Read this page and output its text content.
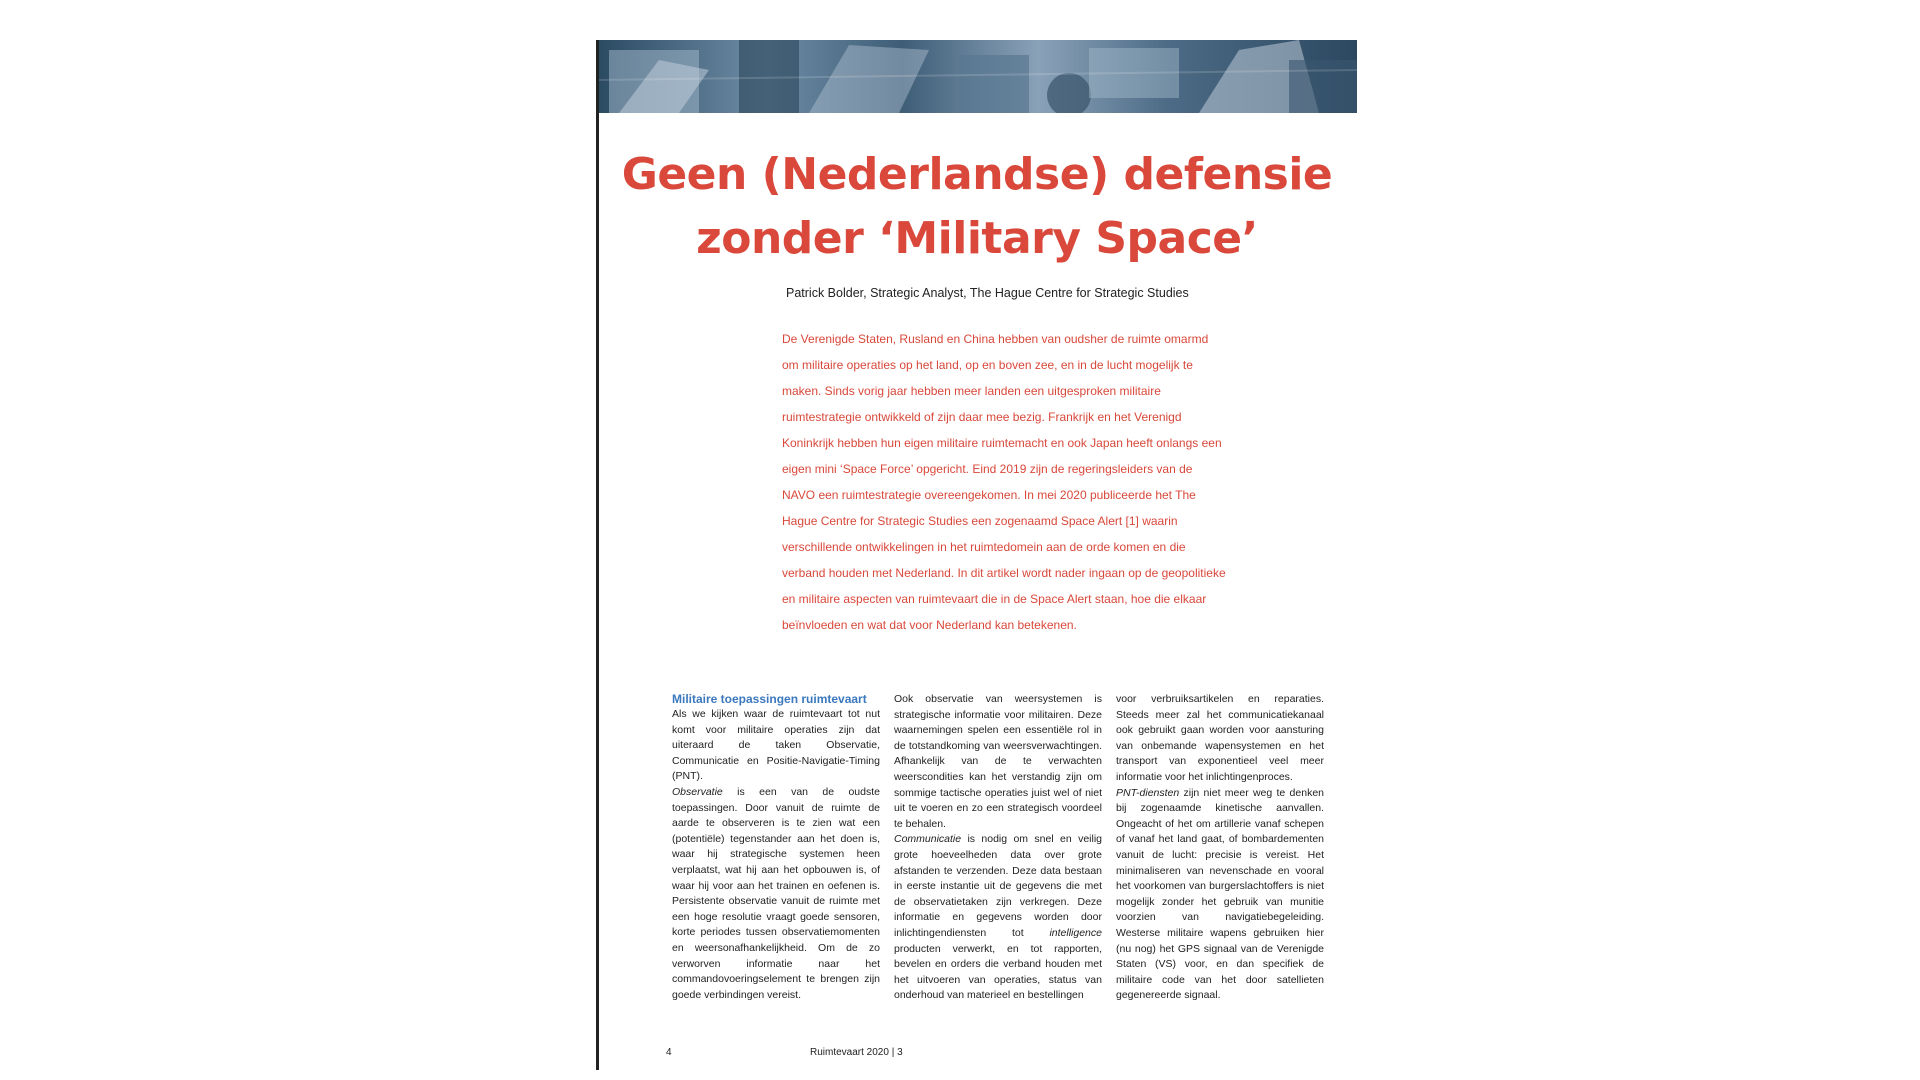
Geen (Nederlandse) defensie
zonder ‘Military Space’
Patrick Bolder, Strategic Analyst, The Hague Centre for Strategic Studies

De Verenigde Staten, Rusland en China hebben van oudsher de ruimte omarmd om militaire operaties op het land, op en boven zee, en in de lucht mogelijk te maken. Sinds vorig jaar hebben meer landen een uitgesproken militaire ruimtestrategie ontwikkeld of zijn daar mee bezig. Frankrijk en het Verenigd Koninkrijk hebben hun eigen militaire ruimtemacht en ook Japan heeft onlangs een eigen mini ‘Space Force’ opgericht. Eind 2019 zijn de regeringsleiders van de NAVO een ruimtestrategie overeengekomen. In mei 2020 publiceerde het The Hague Centre for Strategic Studies een zogenaamd Space Alert [1] waarin verschillende ontwikkelingen in het ruimtedomein aan de orde komen en die verband houden met Nederland. In dit artikel wordt nader ingaan op de geopolitieke en militaire aspecten van ruimtevaart die in de Space Alert staan, hoe die elkaar beïnvloeden en wat dat voor Nederland kan betekenen.

Militaire toepassingen ruimtevaart

Als we kijken waar de ruimtevaart tot nut komt voor militaire operaties zijn dat uiteraard de taken Observatie, Communicatie en Positie-Navigatie-Timing (PNT).

Observatie is een van de oudste toepassingen. Door vanuit de ruimte de aarde te observeren is te zien wat een (potentiële) tegenstander aan het doen is, waar hij strategische systemen heen verplaatst, wat hij aan het opbouwen is, of waar hij voor aan het trainen en oefenen is. Persistente observatie vanuit de ruimte met een hoge resolutie vraagt goede sensoren, korte periodes tussen observatiemomenten en weersonafhankelijkheid. Om de zo verworven informatie naar het commandovoeringselement te brengen zijn goede verbindingen vereist.

Ook observatie van weersystemen is strategische informatie voor militairen. Deze waarnemingen spelen een essentiële rol in de totstandkoming van weersverwachtingen. Afhankelijk van de te verwachten weerscondities kan het verstandig zijn om sommige tactische operaties juist wel of niet uit te voeren en zo een strategisch voordeel te behalen.

Communicatie is nodig om snel en veilig grote hoeveelheden data over grote afstanden te verzenden. Deze data bestaan in eerste instantie uit de gegevens die met de observatietaken zijn verkregen. Deze informatie en gegevens worden door inlichtingendiensten tot intelligence producten verwerkt, en tot rapporten, bevelen en orders die verband houden met het uitvoeren van operaties, status van onderhoud van materieel en bestellingen

voor verbruiksartikelen en reparaties. Steeds meer zal het communicatiekanaal ook gebruikt gaan worden voor aansturing van onbemande wapensystemen en het transport van exponentieel veel meer informatie voor het inlichtingenproces.

PNT-diensten zijn niet meer weg te denken bij zogenaamde kinetische aanvallen. Ongeacht of het om artillerie vanaf schepen of vanaf het land gaat, of bombardementen vanuit de lucht: precisie is vereist. Het minimaliseren van nevenschade en vooral het voorkomen van burgerslachtoffers is niet mogelijk zonder het gebruik van munitie voorzien van navigatiebegeleiding. Westerse militaire wapens gebruiken hier (nu nog) het GPS signaal van de Verenigde Staten (VS) voor, en dan specifiek de militaire code van het door satellieten gegenereerde signaal.

4	Ruimtevaart 2020 | 3
